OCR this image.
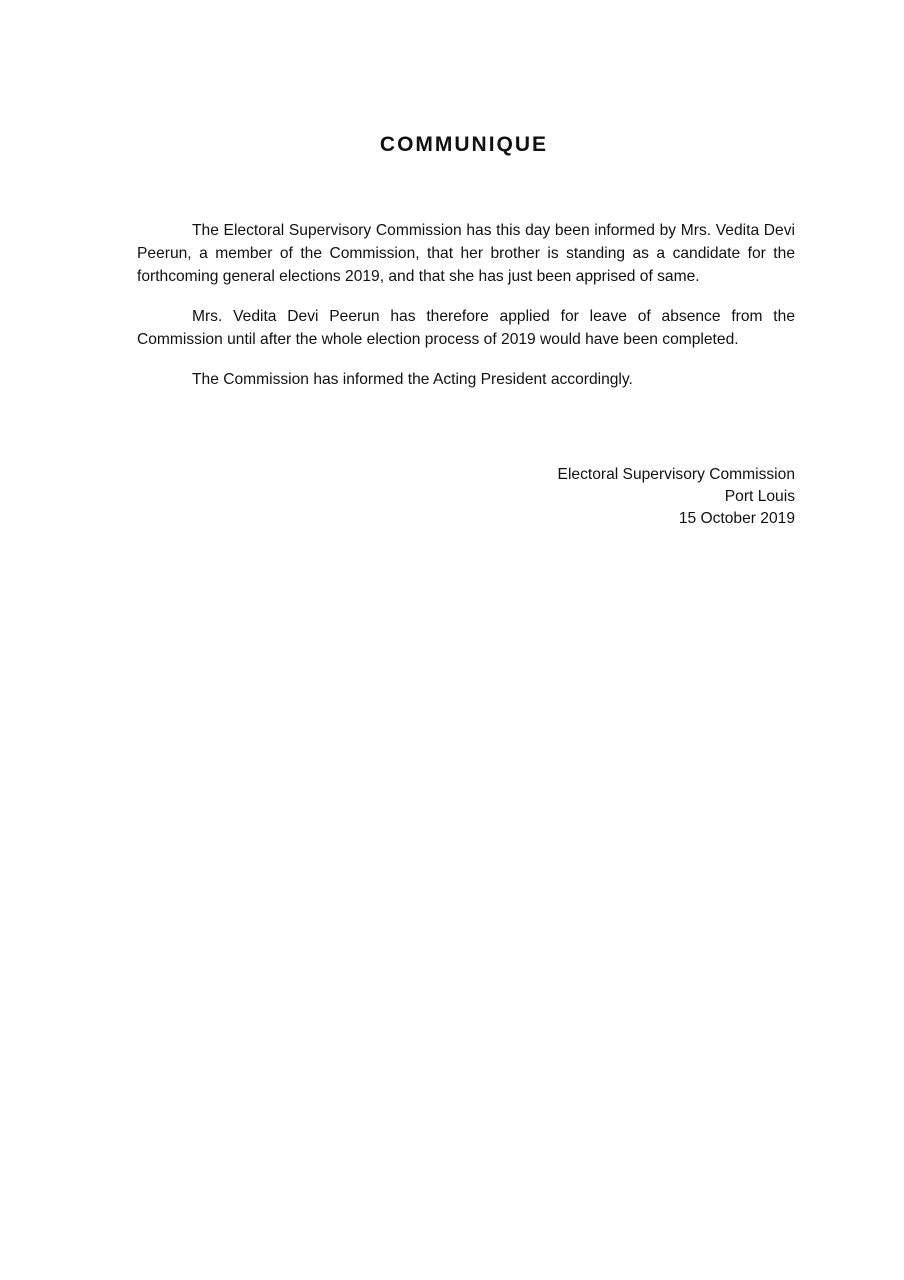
COMMUNIQUE

The Electoral Supervisory Commission has this day been informed by Mrs. Vedita Devi Peerun, a member of the Commission, that her brother is standing as a candidate for the forthcoming general elections 2019, and that she has just been apprised of same.

Mrs. Vedita Devi Peerun has therefore applied for leave of absence from the Commission until after the whole election process of 2019 would have been completed.

The Commission has informed the Acting President accordingly.

Electoral Supervisory Commission
Port Louis
15 October 2019
